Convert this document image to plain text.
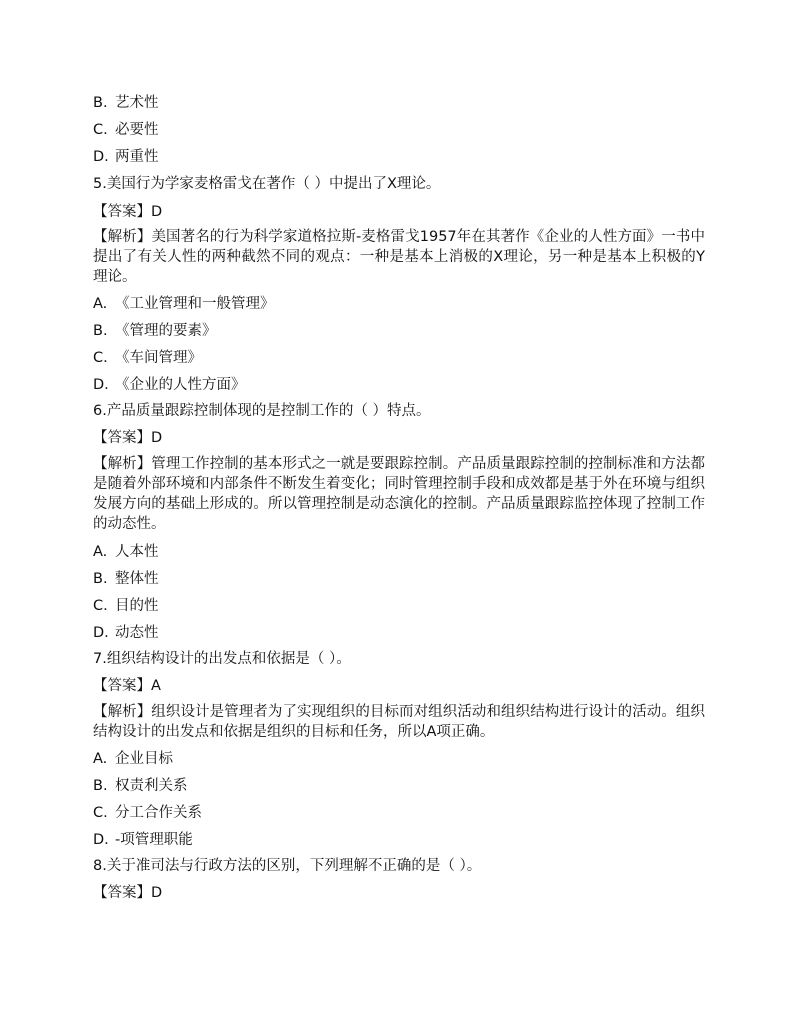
B. 艺术性
C. 必要性
D. 两重性
5.美国行为学家麦格雷戈在著作（ ）中提出了X理论。
【答案】D
【解析】美国著名的行为科学家道格拉斯-麦格雷戈1957年在其著作《企业的人性方面》一书中提出了有关人性的两种截然不同的观点：一种是基本上消极的X理论，另一种是基本上积极的Y理论。
A. 《工业管理和一般管理》
B. 《管理的要素》
C. 《车间管理》
D. 《企业的人性方面》
6.产品质量跟踪控制体现的是控制工作的（ ）特点。
【答案】D
【解析】管理工作控制的基本形式之一就是要跟踪控制。产品质量跟踪控制的控制标准和方法都是随着外部环境和内部条件不断发生着变化；同时管理控制手段和成效都是基于外在环境与组织发展方向的基础上形成的。所以管理控制是动态演化的控制。产品质量跟踪监控体现了控制工作的动态性。
A. 人本性
B. 整体性
C. 目的性
D. 动态性
7.组织结构设计的出发点和依据是（ ）。
【答案】A
【解析】组织设计是管理者为了实现组织的目标而对组织活动和组织结构进行设计的活动。组织结构设计的出发点和依据是组织的目标和任务，所以A项正确。
A. 企业目标
B. 权责利关系
C. 分工合作关系
D. -项管理职能
8.关于准司法与行政方法的区别，下列理解不正确的是（ ）。
【答案】D
